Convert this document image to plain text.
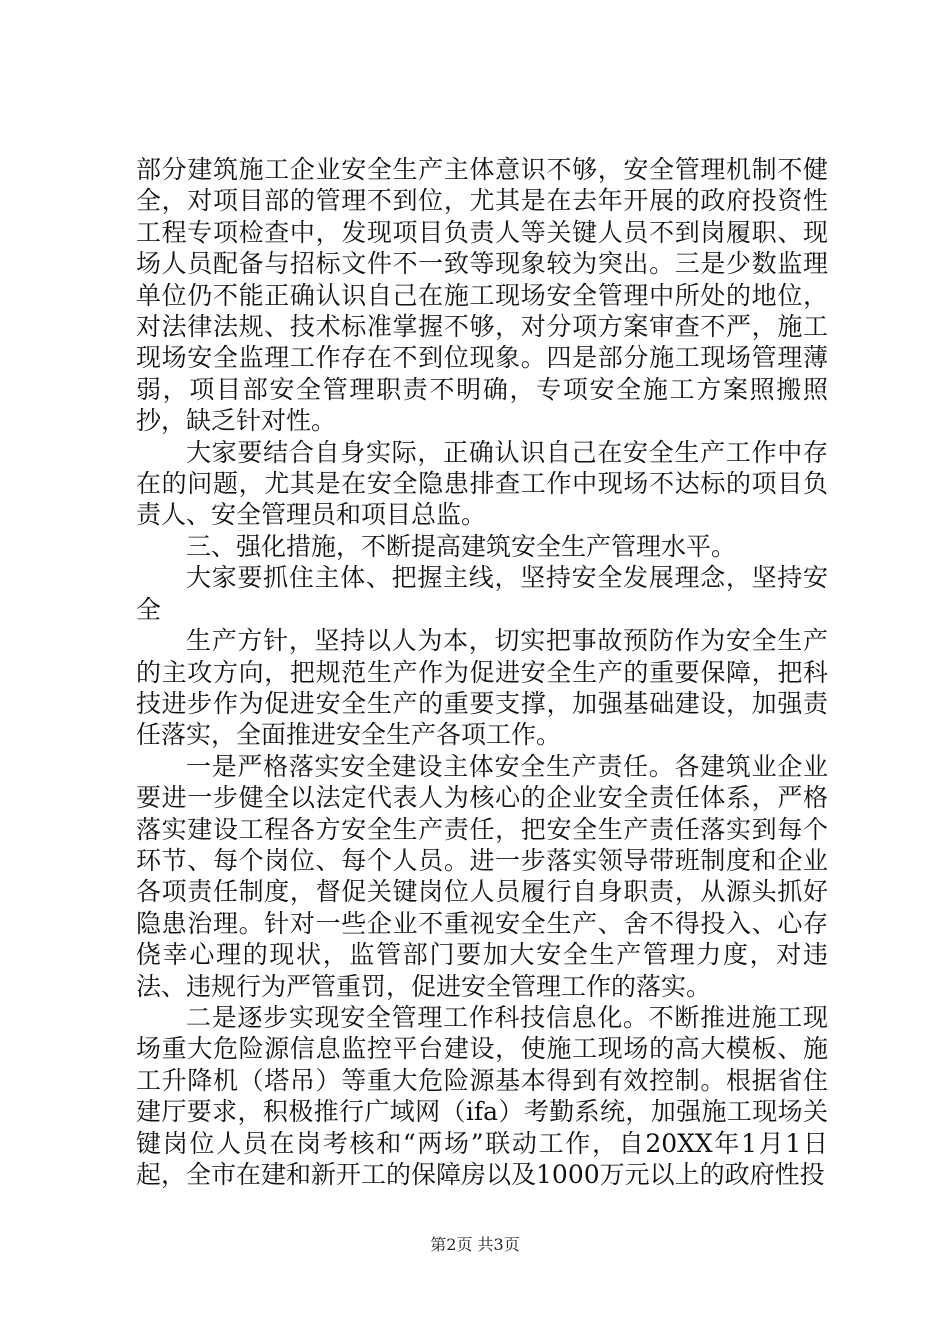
部分建筑施工企业安全生产主体意识不够，安全管理机制不健全，对项目部的管理不到位，尤其是在去年开展的政府投资性工程专项检查中，发现项目负责人等关键人员不到岗履职、现场人员配备与招标文件不一致等现象较为突出。三是少数监理单位仍不能正确认识自己在施工现场安全管理中所处的地位，对法律法规、技术标准掌握不够，对分项方案审查不严，施工现场安全监理工作存在不到位现象。四是部分施工现场管理薄弱，项目部安全管理职责不明确，专项安全施工方案照搬照抄，缺乏针对性。

大家要结合自身实际，正确认识自己在安全生产工作中存在的问题，尤其是在安全隐患排查工作中现场不达标的项目负责人、安全管理员和项目总监。

三、强化措施，不断提高建筑安全生产管理水平。

大家要抓住主体、把握主线，坚持安全发展理念，坚持安全

生产方针，坚持以人为本，切实把事故预防作为安全生产的主攻方向，把规范生产作为促进安全生产的重要保障，把科技进步作为促进安全生产的重要支撑，加强基础建设，加强责任落实，全面推进安全生产各项工作。

一是严格落实安全建设主体安全生产责任。各建筑业企业要进一步健全以法定代表人为核心的企业安全责任体系，严格落实建设工程各方安全生产责任，把安全生产责任落实到每个环节、每个岗位、每个人员。进一步落实领导带班制度和企业各项责任制度，督促关键岗位人员履行自身职责，从源头抓好隐患治理。针对一些企业不重视安全生产、舍不得投入、心存侥幸心理的现状，监管部门要加大安全生产管理力度，对违法、违规行为严管重罚，促进安全管理工作的落实。

二是逐步实现安全管理工作科技信息化。不断推进施工现场重大危险源信息监控平台建设，使施工现场的高大模板、施工升降机（塔吊）等重大危险源基本得到有效控制。根据省住建厅要求，积极推行广域网（ifa）考勤系统，加强施工现场关键岗位人员在岗考核和“两场”联动工作，自20XX年1月1日起，全市在建和新开工的保障房以及1000万元以上的政府性投

第2页 共3页
